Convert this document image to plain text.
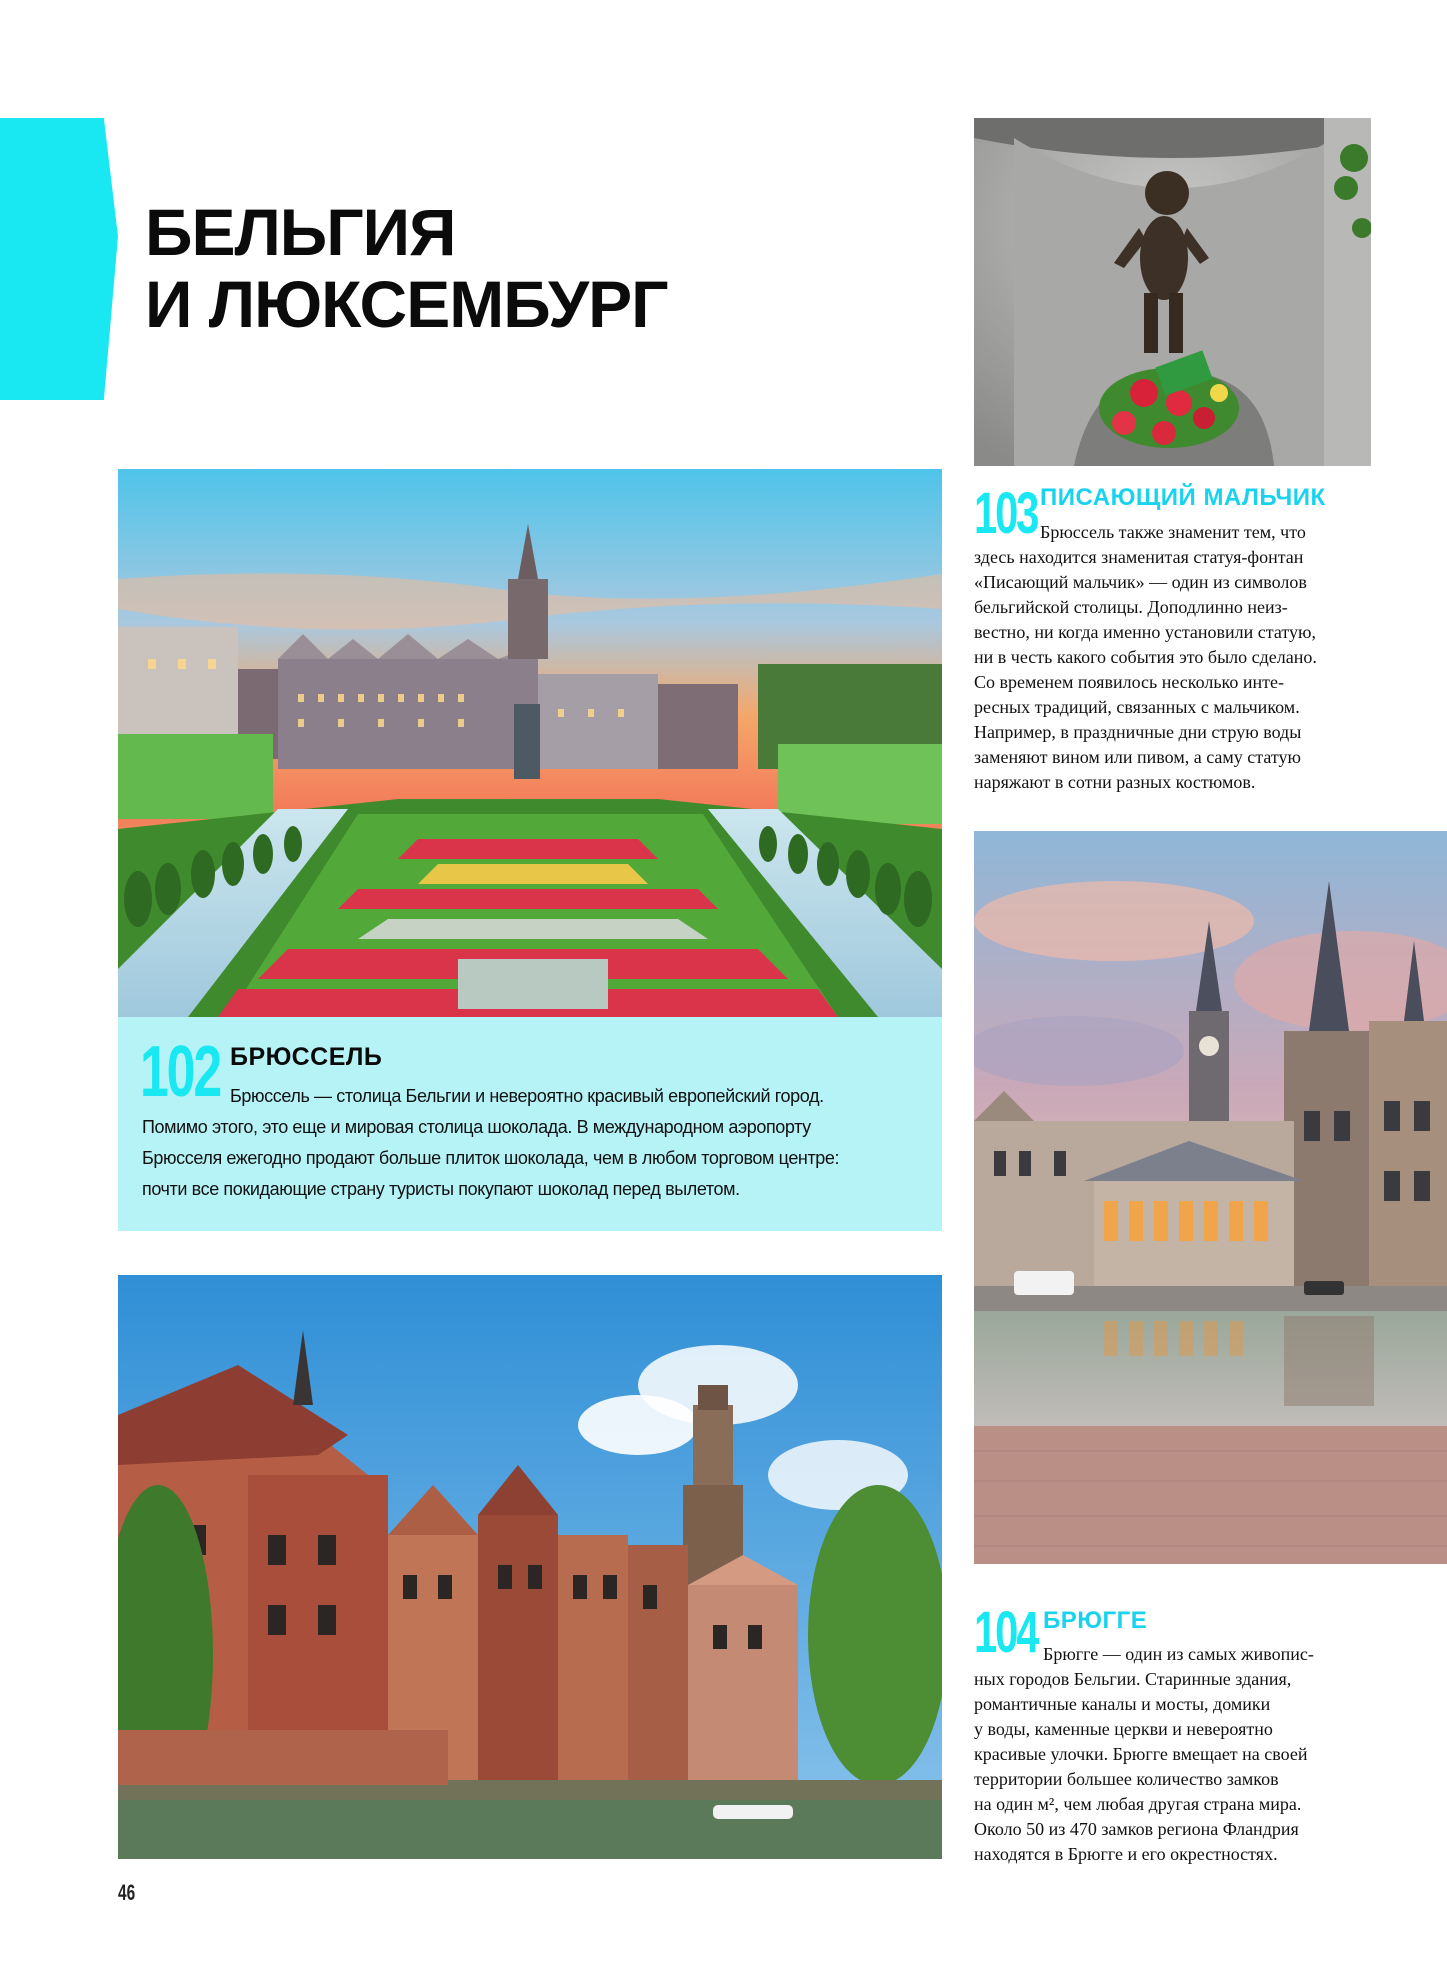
БЕЛЬГИЯ
И ЛЮКСЕМБУРГ
102 БРЮССЕЛЬ
Брюссель — столица Бельгии и невероятно красивый европейский город.
Помимо этого, это еще и мировая столица шоколада. В международном аэропорту
Брюсселя ежегодно продают больше плиток шоколада, чем в любом торговом центре:
почти все покидающие страну туристы покупают шоколад перед вылетом.
103 ПИСАЮЩИЙ МАЛЬЧИК
Брюссель также знаменит тем, что
здесь находится знаменитая статуя-фонтан
«Писающий мальчик» — один из символов
бельгийской столицы. Доподлинно неиз-
вестно, ни когда именно установили статую,
ни в честь какого события это было сделано.
Со временем появилось несколько инте-
ресных традиций, связанных с мальчиком.
Например, в праздничные дни струю воды
заменяют вином или пивом, а саму статую
наряжают в сотни разных костюмов.
104 БРЮГГЕ
Брюгге — один из самых живопис-
ных городов Бельгии. Старинные здания,
романтичные каналы и мосты, домики
у воды, каменные церкви и невероятно
красивые улочки. Брюгге вмещает на своей
территории большее количество замков
на один м², чем любая другая страна мира.
Около 50 из 470 замков региона Фландрия
находятся в Брюгге и его окрестностях.
46
